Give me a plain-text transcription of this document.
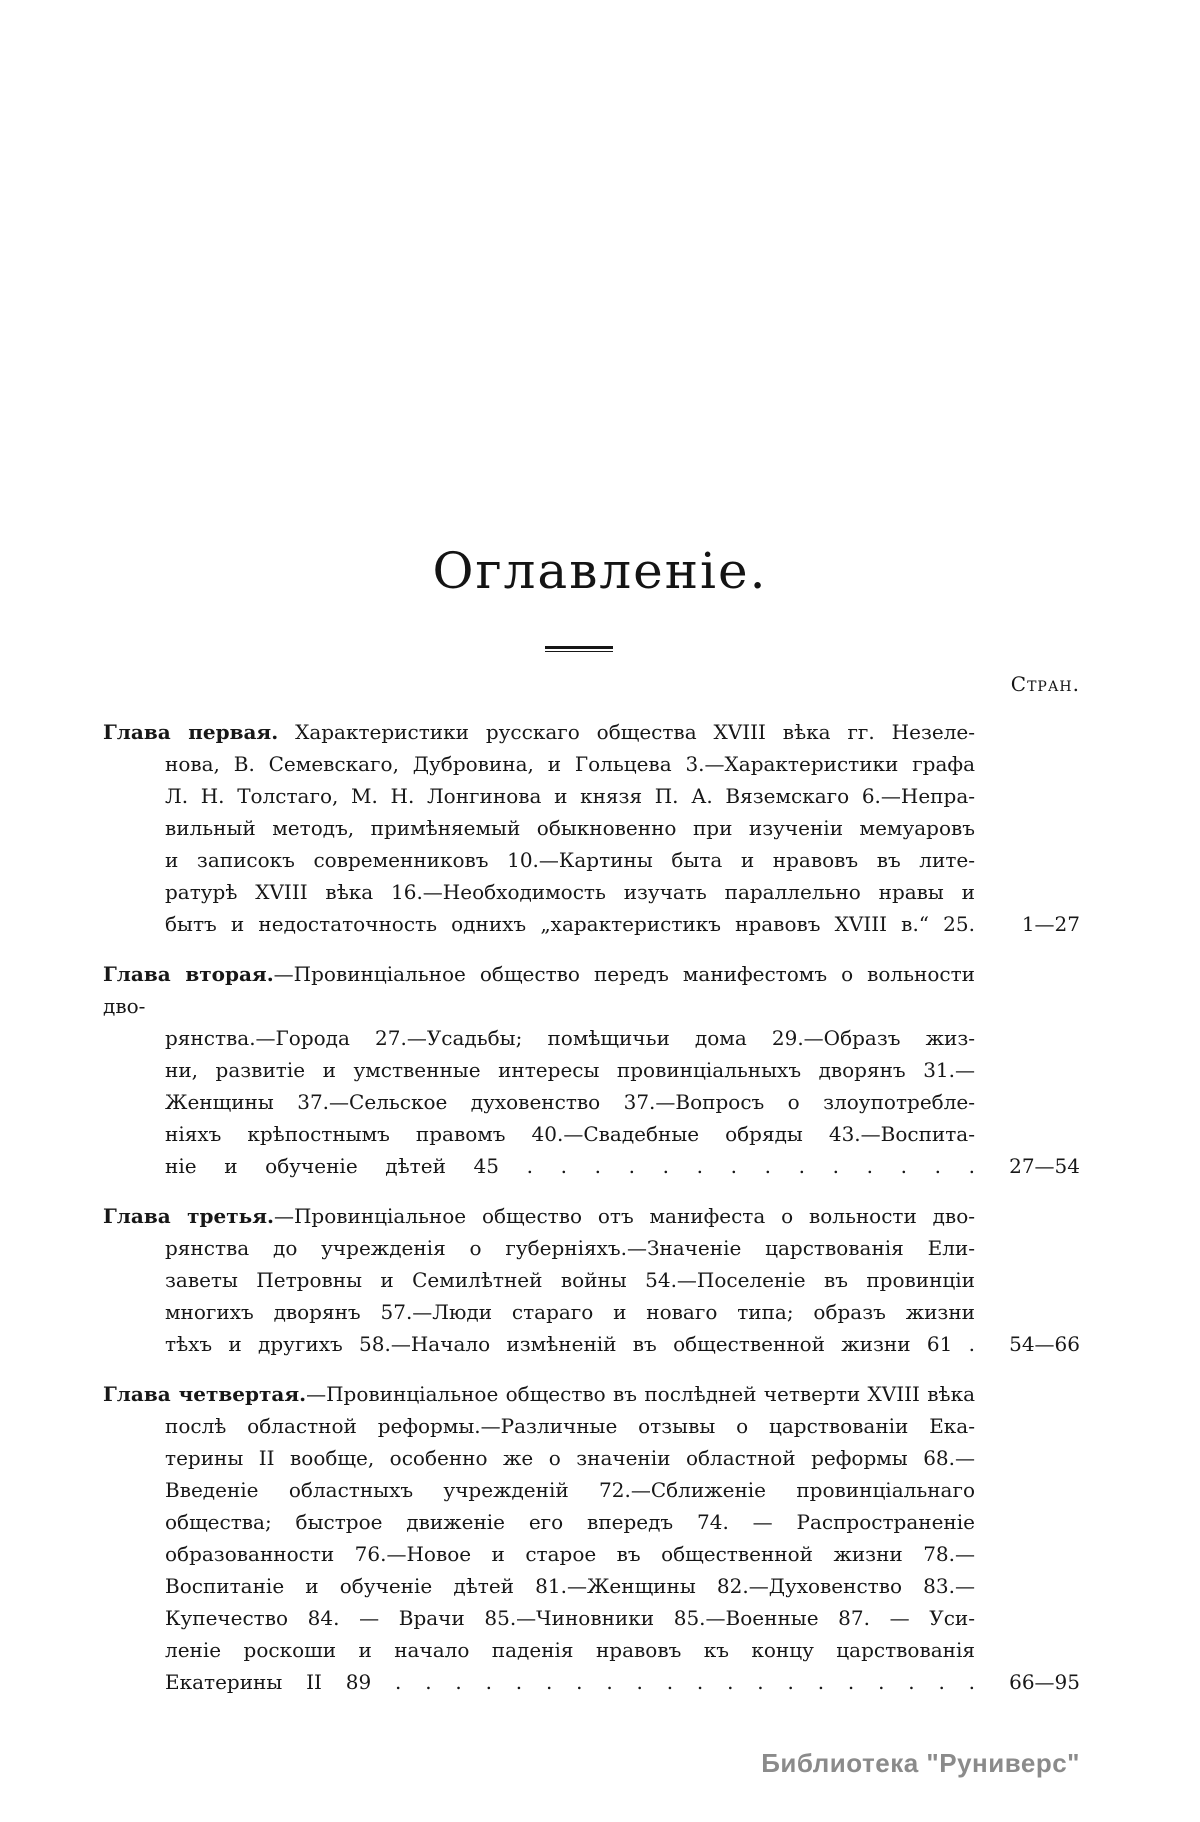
Оглавленіе.
Стран.
Глава первая. Характеристики русскаго общества XVIII вѣка гг. Незеле-
нова, В. Семевскаго, Дубровина, и Гольцева 3.—Характеристики графа
Л. Н. Толстаго, М. Н. Лонгинова и князя П. А. Вяземскаго 6.—Непра-
вильный методъ, примѣняемый обыкновенно при изученіи мемуаровъ
и записокъ современниковъ 10.—Картины быта и нравовъ въ лите-
ратурѣ XVIII вѣка 16.—Необходимость изучать параллельно нравы и
бытъ и недостаточность однихъ „характеристикъ нравовъ XVIII в.“ 25. 1—27
Глава вторая.—Провинціальное общество передъ манифестомъ о вольности дво-
рянства.—Города 27.—Усадьбы; помѣщичьи дома 29.—Образъ жиз-
ни, развитіе и умственные интересы провинціальныхъ дворянъ 31.—
Женщины 37.—Сельское духовенство 37.—Вопросъ о злоупотребле-
ніяхъ крѣпостнымъ правомъ 40.—Свадебные обряды 43.—Воспита-
ніе и обученіе дѣтей 45 . . . . . . . . . . . . . . 27—54
Глава третья.—Провинціальное общество отъ манифеста о вольности дво-
рянства до учрежденія о губерніяхъ.—Значеніе царствованія Ели-
заветы Петровны и Семилѣтней войны 54.—Поселеніе въ провинціи
многихъ дворянъ 57.—Люди стараго и новаго типа; образъ жизни
тѣхъ и другихъ 58.—Начало измѣненій въ общественной жизни 61 . 54—66
Глава четвертая.—Провинціальное общество въ послѣдней четверти XVIII вѣка
послѣ областной реформы.—Различные отзывы о царствованіи Ека-
терины II вообще, особенно же о значеніи областной реформы 68.—
Введеніе областныхъ учрежденій 72.—Сближеніе провинціальнаго
общества; быстрое движеніе его впередъ 74. — Распространеніе
образованности 76.—Новое и старое въ общественной жизни 78.—
Воспитаніе и обученіе дѣтей 81.—Женщины 82.—Духовенство 83.—
Купечество 84. — Врачи 85.—Чиновники 85.—Военные 87. — Уси-
леніе роскоши и начало паденія нравовъ къ концу царствованія
Екатерины II 89 . . . . . . . . . . . . . . . . . . . . 66—95
Библиотека "Руниверс"
